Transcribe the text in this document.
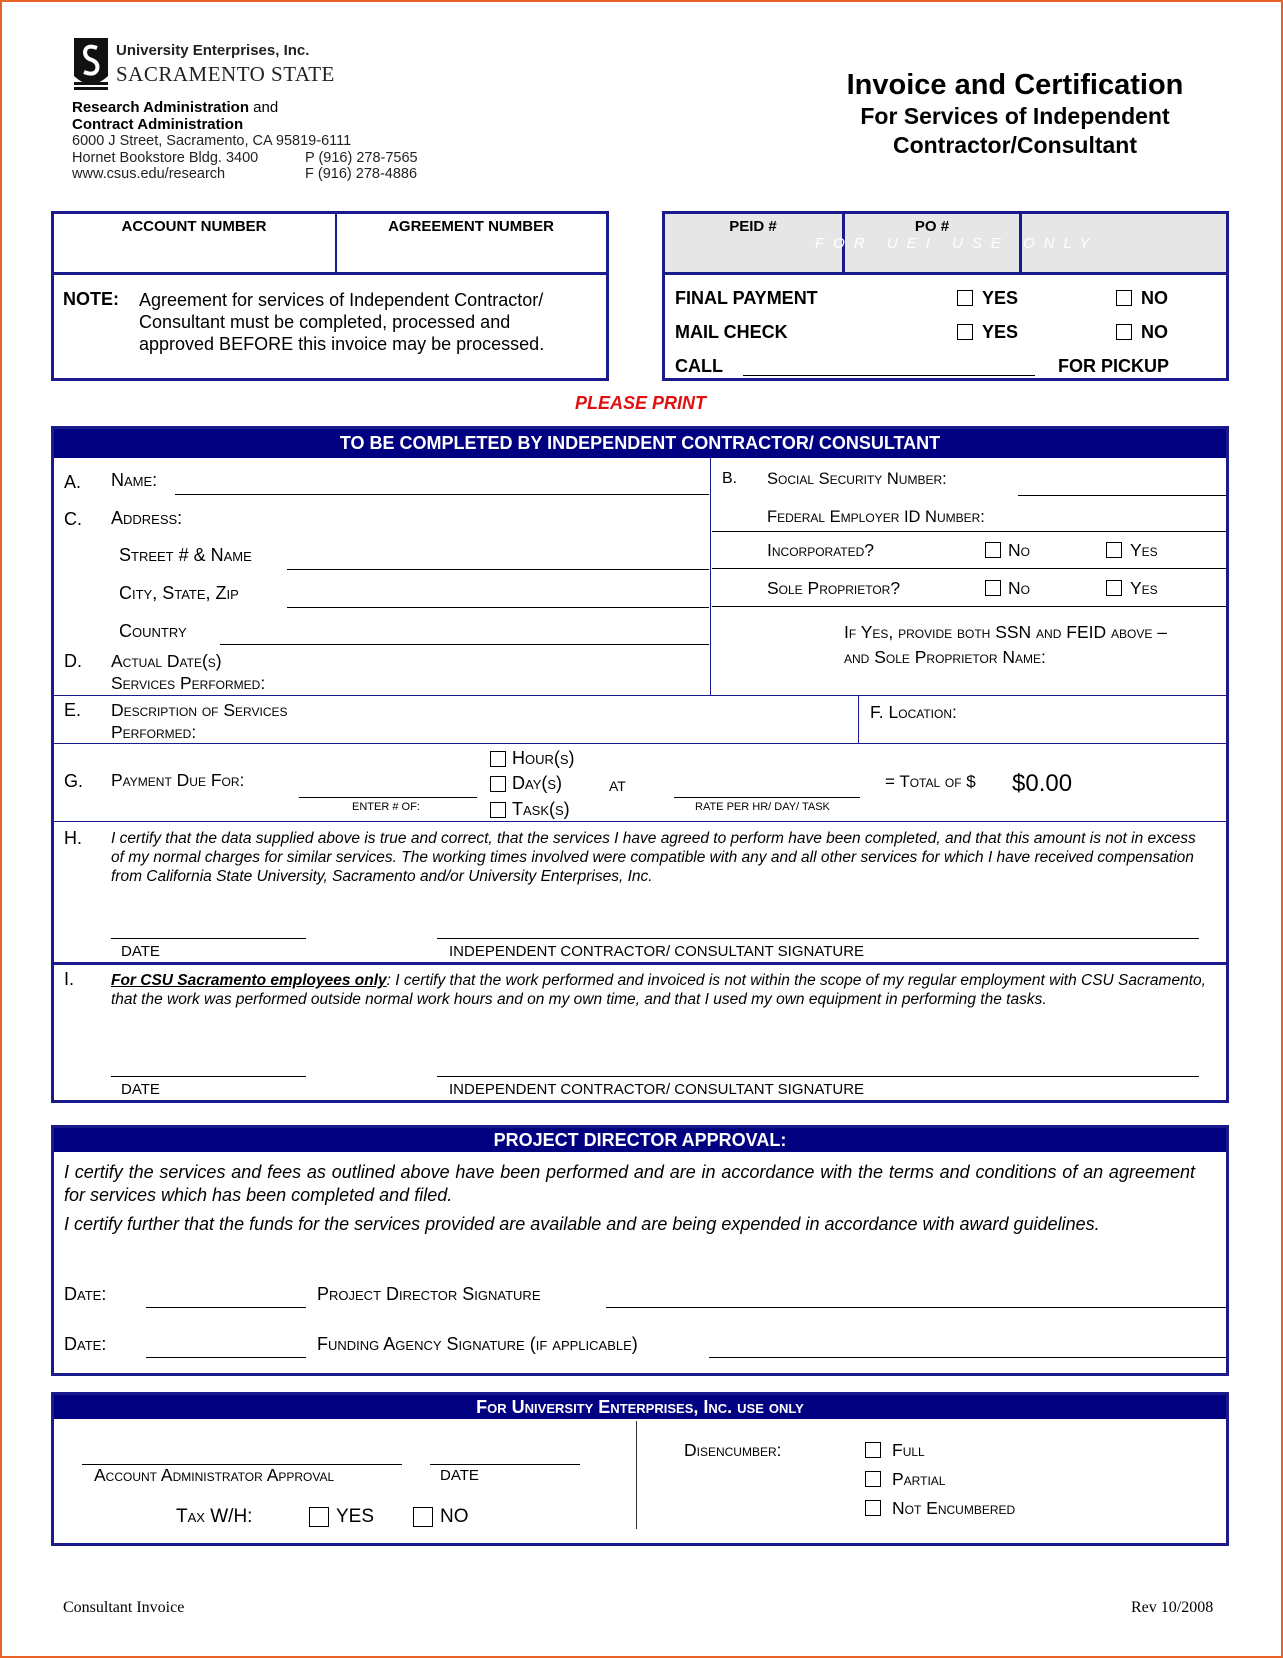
University Enterprises, Inc.
SACRAMENTO STATE
Research Administration and
Contract Administration
6000 J Street, Sacramento, CA 95819-6111
Hornet Bookstore Bldg. 3400	P (916) 278-7565
www.csus.edu/research	F (916) 278-4886
Invoice and Certification
For Services of Independent
Contractor/Consultant
ACCOUNT NUMBER	AGREEMENT NUMBER
NOTE: Agreement for services of Independent Contractor/
Consultant must be completed, processed and
approved BEFORE this invoice may be processed.
PEID #	PO #
FOR UEI USE ONLY
FINAL PAYMENT	YES	NO
MAIL CHECK	YES	NO
CALL	FOR PICKUP
PLEASE PRINT
TO BE COMPLETED BY INDEPENDENT CONTRACTOR/ CONSULTANT
A. Name:	B. Social Security Number:
C. Address:	Federal Employer ID Number:
Street # & Name	Incorporated?	No	Yes
City, State, Zip	Sole Proprietor?	No	Yes
Country	If Yes, provide both SSN and FEID above –
and Sole Proprietor Name:
D. Actual Date(s)
Services Performed:
E. Description of Services
Performed:
F. Location:
G. Payment Due For:
ENTER # OF:
Hour(s)
Day(s)
Task(s)
AT
RATE PER HR/ DAY/ TASK
= Total of $ $0.00
H. I certify that the data supplied above is true and correct, that the services I have agreed to perform have been completed, and that this amount is not in excess of my normal charges for similar services. The working times involved were compatible with any and all other services for which I have received compensation from California State University, Sacramento and/or University Enterprises, Inc.
DATE	INDEPENDENT CONTRACTOR/ CONSULTANT SIGNATURE
I. For CSU Sacramento employees only: I certify that the work performed and invoiced is not within the scope of my regular employment with CSU Sacramento, that the work was performed outside normal work hours and on my own time, and that I used my own equipment in performing the tasks.
DATE	INDEPENDENT CONTRACTOR/ CONSULTANT SIGNATURE
PROJECT DIRECTOR APPROVAL:
I certify the services and fees as outlined above have been performed and are in accordance with the terms and conditions of an agreement for services which has been completed and filed.
I certify further that the funds for the services provided are available and are being expended in accordance with award guidelines.
Date:	Project Director Signature
Date:	Funding Agency Signature (if applicable)
For University Enterprises, Inc. use only
Account Administrator Approval	DATE
Tax W/H:	YES	NO
Disencumber:	Full
Partial
Not Encumbered
Consultant Invoice	Rev 10/2008
